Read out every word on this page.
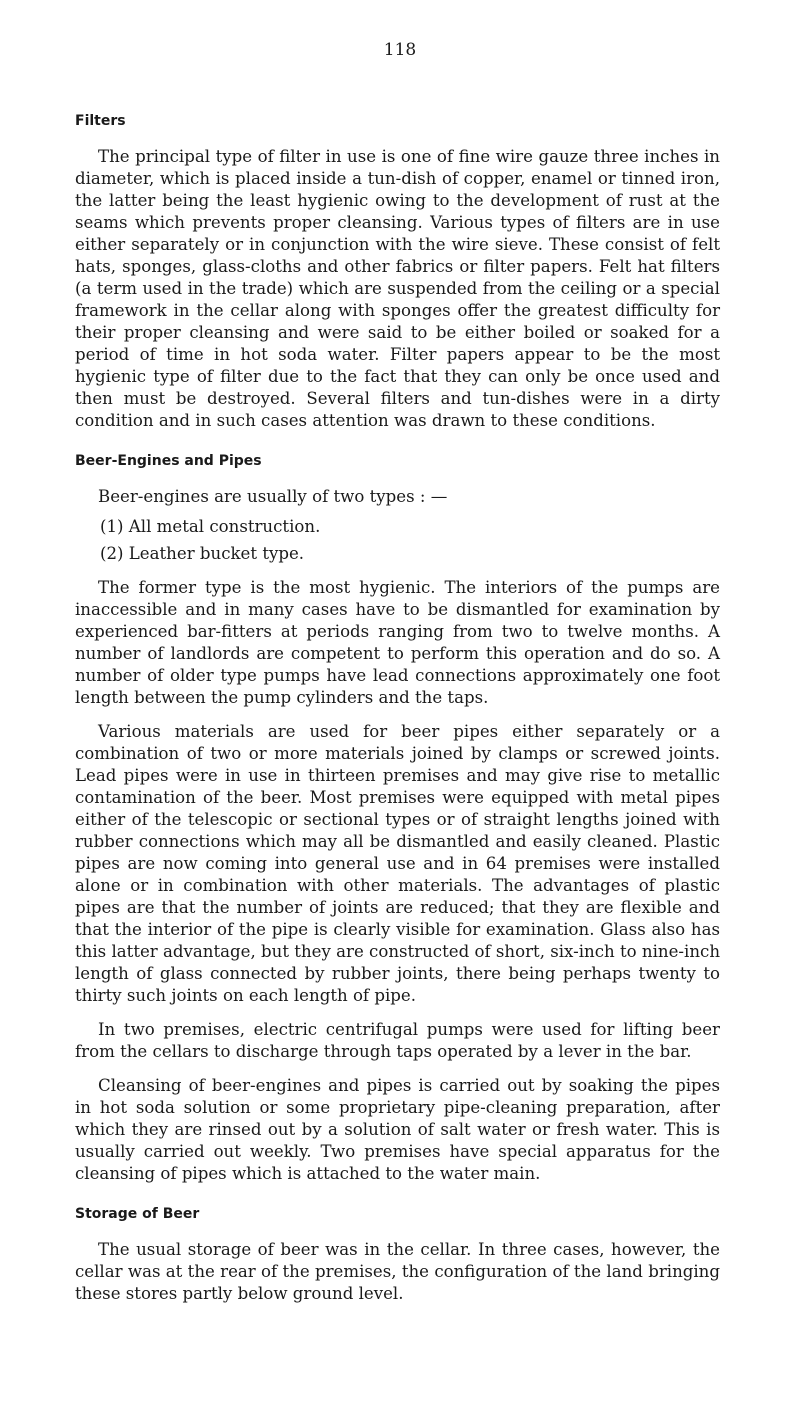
118
Filters

The principal type of filter in use is one of fine wire gauze three inches in diameter, which is placed inside a tun-dish of copper, enamel or tinned iron, the latter being the least hygienic owing to the development of rust at the seams which prevents proper cleansing. Various types of filters are in use either separately or in conjunction with the wire sieve. These consist of felt hats, sponges, glass-cloths and other fabrics or filter papers. Felt hat filters (a term used in the trade) which are suspended from the ceiling or a special framework in the cellar along with sponges offer the greatest difficulty for their proper cleansing and were said to be either boiled or soaked for a period of time in hot soda water. Filter papers appear to be the most hygienic type of filter due to the fact that they can only be once used and then must be destroyed. Several filters and tun-dishes were in a dirty condition and in such cases attention was drawn to these conditions.

Beer-Engines and Pipes

Beer-engines are usually of two types : —

(1) All metal construction.
(2) Leather bucket type.

The former type is the most hygienic. The interiors of the pumps are inaccessible and in many cases have to be dismantled for examination by experienced bar-fitters at periods ranging from two to twelve months. A number of landlords are competent to perform this operation and do so. A number of older type pumps have lead connections approximately one foot length between the pump cylinders and the taps.

Various materials are used for beer pipes either separately or a combination of two or more materials joined by clamps or screwed joints. Lead pipes were in use in thirteen premises and may give rise to metallic contamination of the beer. Most premises were equipped with metal pipes either of the telescopic or sectional types or of straight lengths joined with rubber connections which may all be dismantled and easily cleaned. Plastic pipes are now coming into general use and in 64 premises were installed alone or in combination with other materials. The advantages of plastic pipes are that the number of joints are reduced; that they are flexible and that the interior of the pipe is clearly visible for examination. Glass also has this latter advantage, but they are constructed of short, six-inch to nine-inch length of glass connected by rubber joints, there being perhaps twenty to thirty such joints on each length of pipe.

In two premises, electric centrifugal pumps were used for lifting beer from the cellars to discharge through taps operated by a lever in the bar.

Cleansing of beer-engines and pipes is carried out by soaking the pipes in hot soda solution or some proprietary pipe-cleaning preparation, after which they are rinsed out by a solution of salt water or fresh water. This is usually carried out weekly. Two premises have special apparatus for the cleansing of pipes which is attached to the water main.

Storage of Beer

The usual storage of beer was in the cellar. In three cases, however, the cellar was at the rear of the premises, the configuration of the land bringing these stores partly below ground level.
